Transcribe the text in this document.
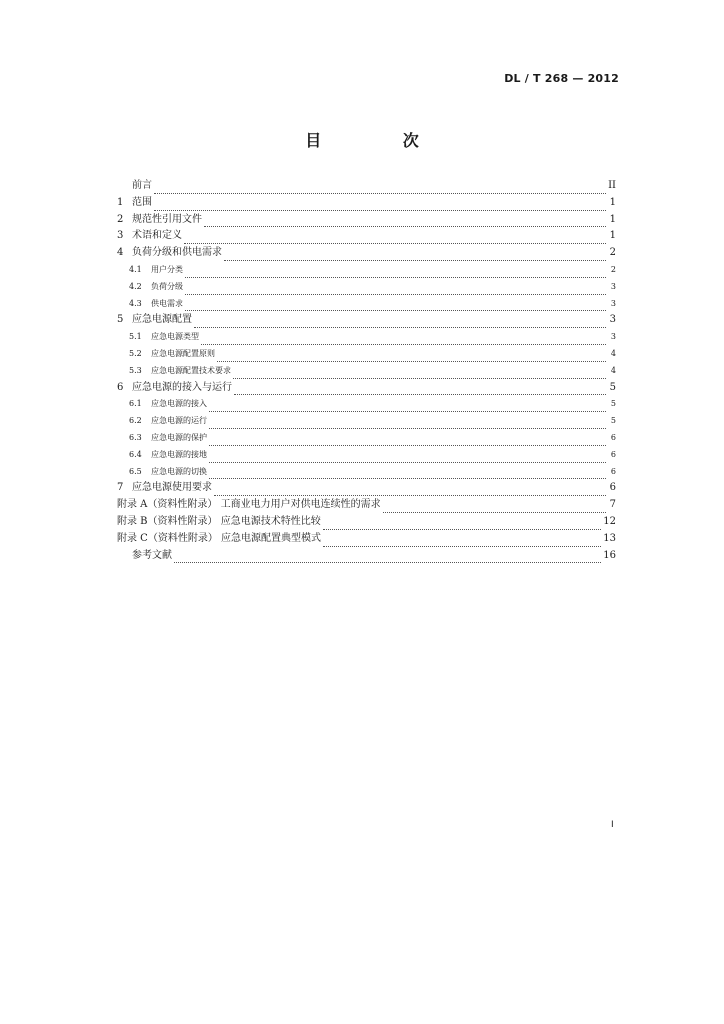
DL / T 268 — 2012
目 次
前言	II
1 范围	1
2 规范性引用文件	1
3 术语和定义	1
4 负荷分级和供电需求	2
4.1	用户分类	2
4.2	负荷分级	3
4.3	供电需求	3
5 应急电源配置	3
5.1	应急电源类型	3
5.2	应急电源配置原则	4
5.3	应急电源配置技术要求	4
6 应急电源的接入与运行	5
6.1	应急电源的接入	5
6.2	应急电源的运行	5
6.3	应急电源的保护	6
6.4	应急电源的接地	6
6.5	应急电源的切换	6
7 应急电源使用要求	6
附录 A（资料性附录） 工商业电力用户对供电连续性的需求	7
附录 B（资料性附录） 应急电源技术特性比较	12
附录 C（资料性附录） 应急电源配置典型模式	13
参考文献	16
I
